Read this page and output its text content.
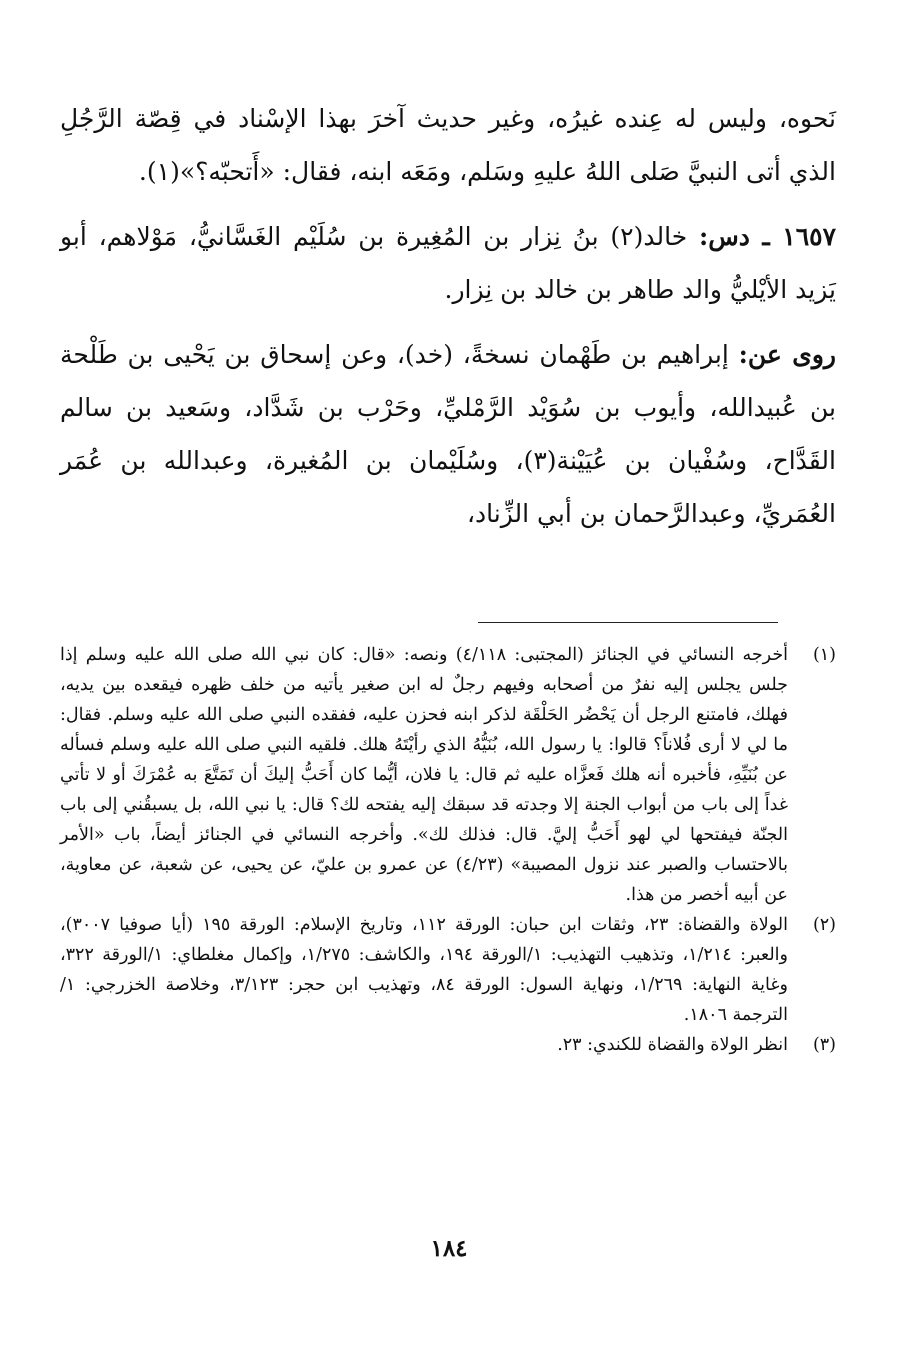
نَحوه، وليس له عِنده غيرُه، وغير حديث آخرَ بهذا الإسْناد في قِصّة الرَّجُلِ الذي أتى النبيَّ صَلى اللهُ عليهِ وسَلم، ومَعَه ابنه، فقال: «أَتحبّه؟»(١).

١٦٥٧ ـ دس: خالد(٢) بنُ نِزار بن المُغِيرة بن سُلَيْم الغَسَّانيُّ، مَوْلاهم، أبو يَزيد الأيْليُّ والد طاهر بن خالد بن نِزار.

روى عن: إبراهيم بن طَهْمان نسخةً، (خد)، وعن إسحاق بن يَحْيى بن طَلْحة بن عُبيدالله، وأيوب بن سُوَيْد الرَّمْليِّ، وحَرْب بن شَدَّاد، وسَعيد بن سالم القَدَّاح، وسُفْيان بن عُيَيْنة(٣)، وسُلَيْمان بن المُغيرة، وعبدالله بن عُمَر العُمَريِّ، وعبدالرَّحمان بن أبي الزِّناد،

(١)
أخرجه النسائي في الجنائز (المجتبى: ٤/١١٨) ونصه: «قال: كان نبي الله صلى الله عليه وسلم إذا جلس يجلس إليه نفرٌ من أصحابه وفيهم رجلٌ له ابن صغير يأتيه من خلف ظهره فيقعده بين يديه، فهلك، فامتنع الرجل أن يَحْضُر الحَلْقَة لذكر ابنه فحزن عليه، ففقده النبي صلى الله عليه وسلم. فقال: ما لي لا أرى فُلاناً؟ قالوا: يا رسول الله، بُنَيُّهُ الذي رأيْتَهُ هلك. فلقيه النبي صلى الله عليه وسلم فسأله عن بُنَيِّهِ، فأخبره أنه هلك فَعزَّاه عليه ثم قال: يا فلان، أيُّما كان أَحَبُّ إليكَ أن تَمَتَّعَ به عُمْرَكَ أو لا تأتي غداً إلى باب من أبواب الجنة إلا وجدته قد سبقك إليه يفتحه لك؟ قال: يا نبي الله، بل يسبقُني إلى باب الجنّة فيفتحها لي لهو أَحَبُّ إليَّ. قال: فذلك لك». وأخرجه النسائي في الجنائز أيضاً، باب «الأمر بالاحتساب والصبر عند نزول المصيبة» (٤/٢٣) عن عمرو بن عليّ، عن يحيى، عن شعبة، عن معاوية، عن أبيه أخصر من هذا.

(٢)
الولاة والقضاة: ٢٣، وثقات ابن حبان: الورقة ١١٢، وتاريخ الإسلام: الورقة ١٩٥ (أيا صوفيا ٣٠٠٧)، والعبر: ١/٢١٤، وتذهيب التهذيب: ١/الورقة ١٩٤، والكاشف: ١/٢٧٥، وإكمال مغلطاي: ١/الورقة ٣٢٢، وغاية النهاية: ١/٢٦٩، ونهاية السول: الورقة ٨٤، وتهذيب ابن حجر: ٣/١٢٣، وخلاصة الخزرجي: ١/الترجمة ١٨٠٦.

(٣)
انظر الولاة والقضاة للكندي: ٢٣.

١٨٤
